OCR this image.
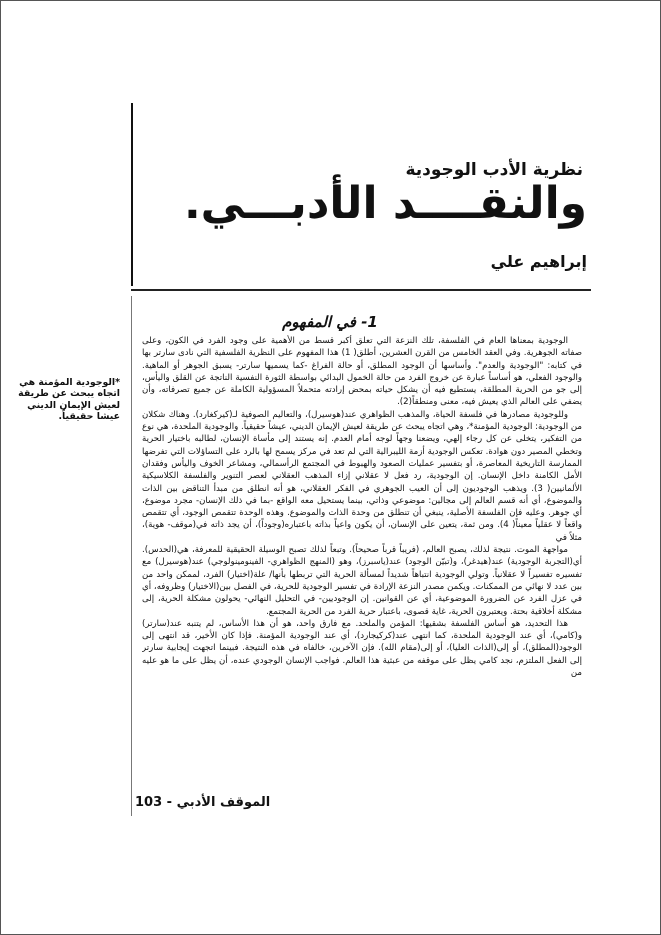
نظرية الأدب الوجودية
والنقــــد الأدبـــي.
إبراهيم علي
1- في المفهوم

الوجودية بمعناها العام في الفلسفة، تلك النزعة التي تعلق أكبر قسط من الأهمية على وجود الفرد في الكون، وعلى صفاته الجوهرية. وفي العقد الخامس من القرن العشرين، أطلق( 1) هذا المفهوم على النظرية الفلسفية التي نادى سارتر بها في كتابه: "الوجودية والعدم". وأساسها أن الوجود المطلق، أو حالة الفراغ -كما يسميها سارتر- يسبق الجوهر أو الماهية. والوجود الفعلي، هو أساساً عبارة عن خروج الفرد من حالة الخمول البدائي بواسطة الثورة النفسية الناتجة عن القلق واليأس، إلى جو من الحرية المطلقة، يستطيع فيه أن يشكل حياته بمحض إرادته متحملاً المسؤولية الكاملة عن جميع تصرفاته، وأن يضفي على العالم الذي يعيش فيه، معنى ومنطقاً(2).

وللوجودية مصادرها في فلسفة الحياة، والمذهب الظواهري عند(هوسيرل)، والتعاليم الصوفية لـ(كيركغارد). وهناك شكلان من الوجودية: الوجودية المؤمنة*، وهي اتجاه يبحث عن طريقة لعيش الإيمان الديني، عيشاً حقيقياً. والوجودية الملحدة، هي نوع من التفكير، يتخلى عن كل رجاء إلهي، ويضعنا وجهاً لوجه أمام العدم. إنه يستند إلى مأساة الإنسان، لطالبه باختيار الحرية وتخطي المصير دون هوادة. تعكس الوجودية أزمة الليبرالية التي لم تعد في مركز يسمح لها بالرد على التساؤلات التي تفرضها الممارسة التاريخية المعاصرة، أو بتفسير عمليات الصعود والهبوط في المجتمع الرأسمالي، ومشاعر الخوف واليأس وفقدان الأمل الكامنة داخل الإنسان. إن الوجودية، رد فعل لا عقلاني إزاء المذهب العقلاني لعصر التنوير والفلسفة الكلاسيكية الألمانيين( 3). ويذهب الوجوديون إلى أن العيب الجوهري في الفكر العقلاني، هو أنه انطلق من مبدأ التناقض بين الذات والموضوع، أي أنه قسم العالم إلى مجالين: موضوعي وذاتي، بينما يستحيل معه الواقع -بما في ذلك الإنسان- مجرد موضوع، أي جوهر. وعليه فإن الفلسفة الأصلية، ينبغي أن تنطلق من وحدة الذات والموضوع. وهذه الوحدة تتقمص الوجود، أي تتقمص واقعاً لا عقلياً معيناً( 4). ومن ثمة، يتعين على الإنسان، أن يكون واعياً بذاته باعتباره(وجوداً)، أن يجد ذاته في(موقف- هوية)، مثلاً في

مواجهة الموت. نتيجة لذلك، يصبح العالم، (فريباً قرباً صحيحاً). وتبعاً لذلك تصبح الوسيلة الحقيقية للمعرفة، هي(الحدس). أي(التجربة الوجودية) عند(هيدغر)، و(تبيّن الوجود) عند(ياسبرز)، وهو (المنهج الظواهري- الفينومينولوجي) عند(هوسيرل) مع تفسيره تفسيراً لا عقلانياً. وتولي الوجودية انتباهاً شديداً لمسألة الحرية التي تربطها بأنها/ علة(اختيار) الفرد، لممكن واحد من بين عدد لا نهائي من الممكنات. ويكمن مصدر النزعة الإرادة في تفسير الوجودية للحرية، في الفصل بين(الاختيار) وظروفه، أي في عزل الفرد عن الضرورة الموضوعية، أي عن القوانين. إن الوجوديين- في التحليل النهائي- يحولون مشكلة الحرية، إلى مشكلة أخلاقية بحتة. ويعتبرون الحرية، غاية قصوى، باعتبار حرية الفرد من الحرية المجتمع.

هذا التحديد، هو أساس الفلسفة بشقيها: المؤمن والملحد. مع فارق واحد، هو أن هذا الأساس، لم يتنبه عند(سارتر) و(كامي)، أي عند الوجودية الملحدة، كما انتهى عند(كركيجارد)، أي عند الوجودية المؤمنة. فإذا كان الأخير، قد انتهى إلى الوجود(المطلق)، أو إلى(الذات العليا)، أو إلى(مقام الله). فإن الآخرين، خالفاه في هذه النتيجة. فبينما اتجهت إيجابية سارتر إلى الفعل الملتزم، نجد كامي يظل على موقفه من عبثية هذا العالم. فواجب الإنسان الوجودي عنده، أن يظل على ما هو عليه من

*الوجودية المؤمنة هي اتجاه يبحث عن طريقة لعيش الإيمان الديني عيشا حقيقياً.
الموقف الأدبي - 103
